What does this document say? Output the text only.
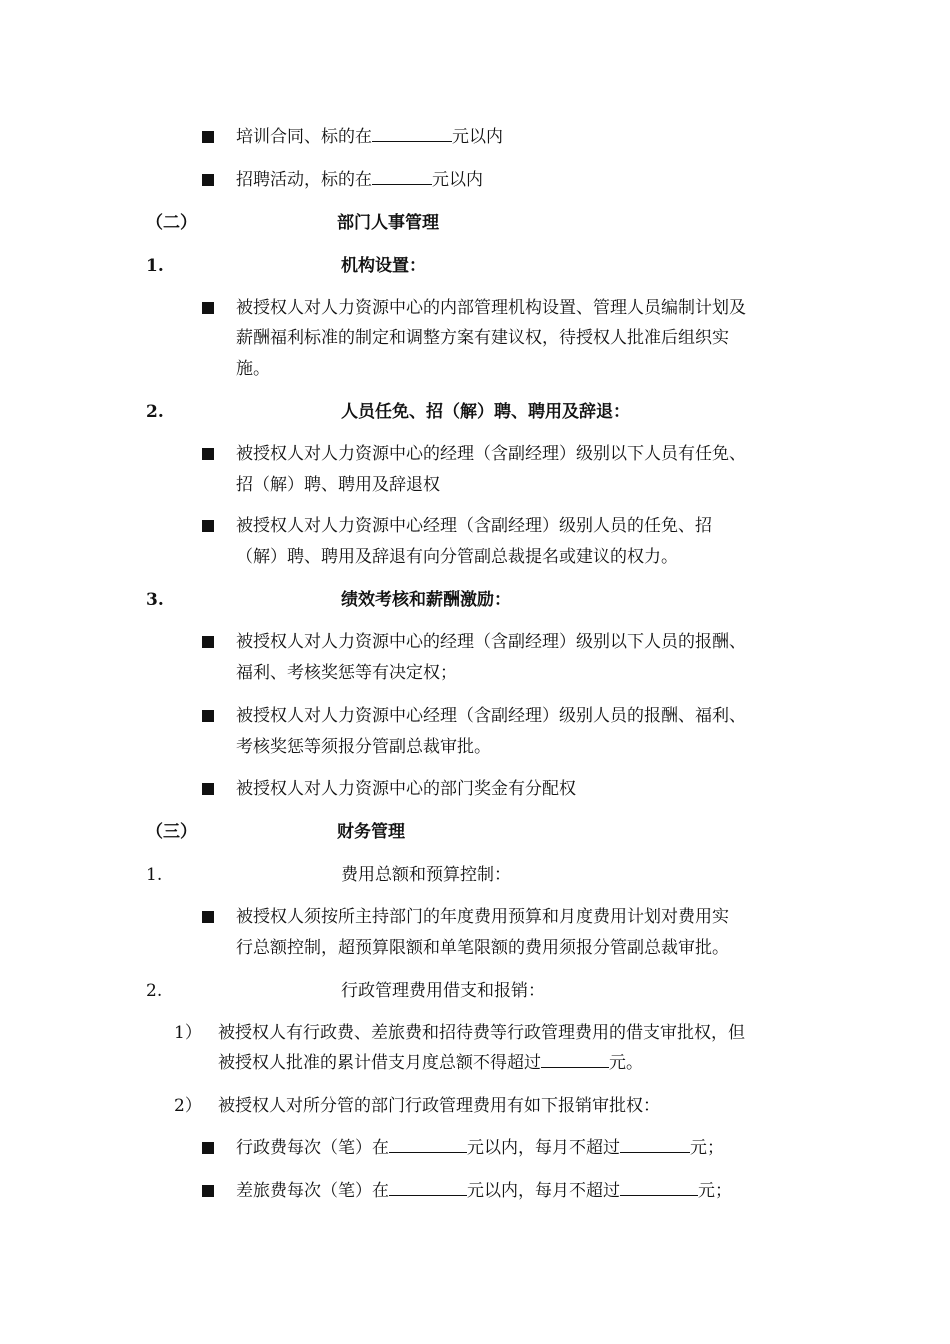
培训合同、标的在	元以内
招聘活动，标的在	元以内
（二）	部门人事管理
1.	机构设置：
被授权人对人力资源中心的内部管理机构设置、管理人员编制计划及
薪酬福利标准的制定和调整方案有建议权，待授权人批准后组织实
施。
2.	人员任免、招（解）聘、聘用及辞退：
被授权人对人力资源中心的经理（含副经理）级别以下人员有任免、
招（解）聘、聘用及辞退权
被授权人对人力资源中心经理（含副经理）级别人员的任免、招
（解）聘、聘用及辞退有向分管副总裁提名或建议的权力。
3.	绩效考核和薪酬激励：
被授权人对人力资源中心的经理（含副经理）级别以下人员的报酬、
福利、考核奖惩等有决定权；
被授权人对人力资源中心经理（含副经理）级别人员的报酬、福利、
考核奖惩等须报分管副总裁审批。
被授权人对人力资源中心的部门奖金有分配权
（三）	财务管理
1.	费用总额和预算控制：
被授权人须按所主持部门的年度费用预算和月度费用计划对费用实
行总额控制，超预算限额和单笔限额的费用须报分管副总裁审批。
2.	行政管理费用借支和报销：
1） 被授权人有行政费、差旅费和招待费等行政管理费用的借支审批权，但
被授权人批准的累计借支月度总额不得超过	元。
2） 被授权人对所分管的部门行政管理费用有如下报销审批权：
行政费每次（笔）在	元以内，每月不超过	元；
差旅费每次（笔）在	元以内，每月不超过	元；
